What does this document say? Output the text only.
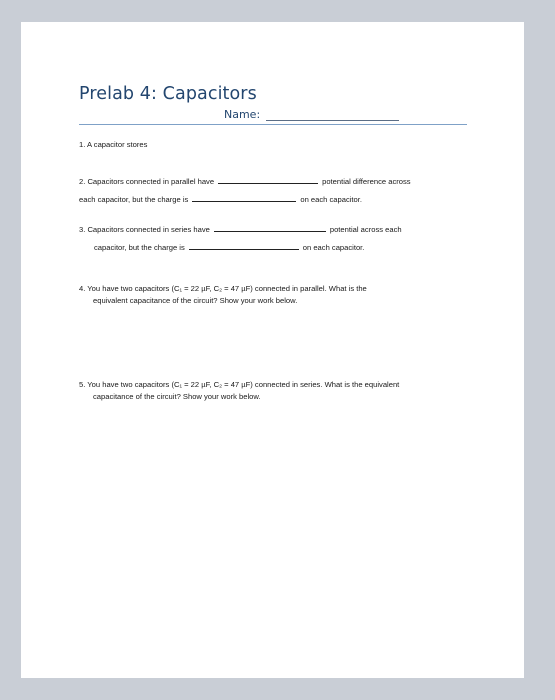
Prelab 4: Capacitors
Name:
1. A capacitor stores
2. Capacitors connected in parallel have	potential difference across
each capacitor, but the charge is	on each capacitor.
3. Capacitors connected in series have	potential across each
capacitor, but the charge is	on each capacitor.
4. You have two capacitors (C₁ = 22 µF, C₂ = 47 µF) connected in parallel. What is the
equivalent capacitance of the circuit? Show your work below.
5. You have two capacitors (C₁ = 22 µF, C₂ = 47 µF) connected in series. What is the equivalent
capacitance of the circuit? Show your work below.
